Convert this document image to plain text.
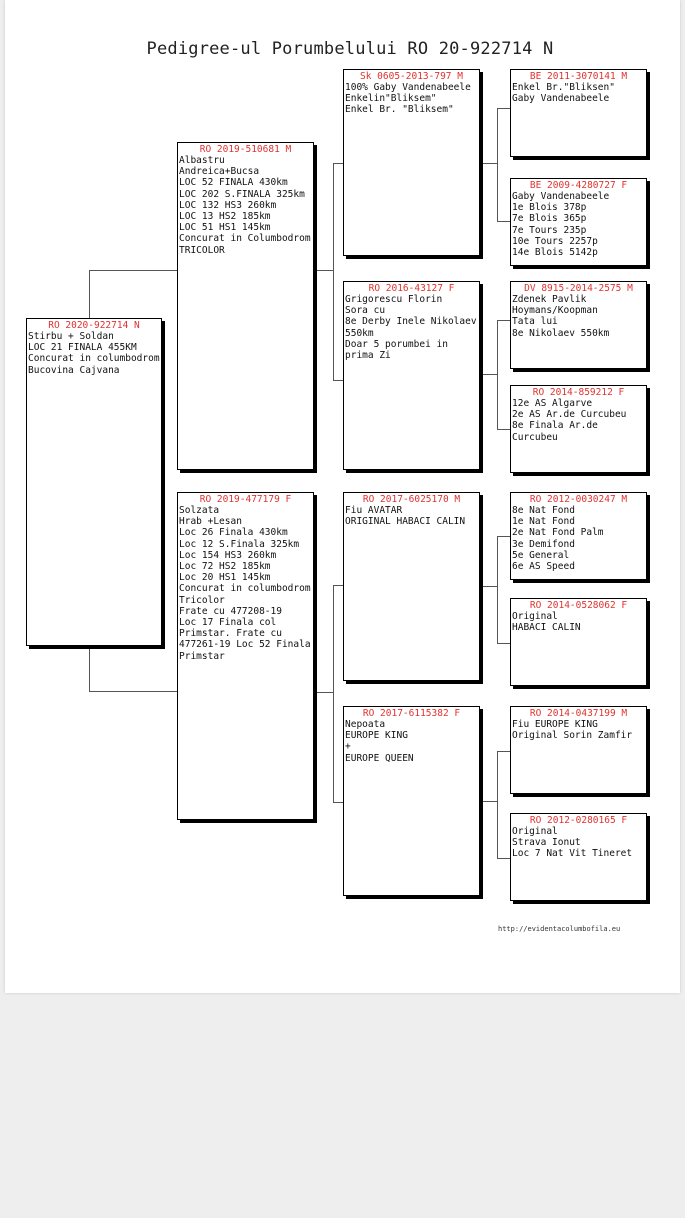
Pedigree-ul Porumbelului RO 20-922714 N
RO 2020-922714 N
Stirbu + Soldan
LOC 21 FINALA 455KM
Concurat in columbodrom
Bucovina Cajvana
RO 2019-510681 M
Albastru
Andreica+Bucsa
LOC 52 FINALA 430km
LOC 202 S.FINALA 325km
LOC 132 HS3 260km
LOC 13 HS2 185km
LOC 51 HS1 145km
Concurat in Columbodrom
TRICOLOR
RO 2019-477179 F
Solzata
Hrab +Lesan
Loc 26 Finala 430km
Loc 12 S.Finala 325km
Loc 154 HS3 260km
Loc 72 HS2 185km
Loc 20 HS1 145km
Concurat in columbodrom
Tricolor
Frate cu 477208-19
Loc 17 Finala col
Primstar. Frate cu
477261-19 Loc 52 Finala
Primstar
Sk 0605-2013-797 M
100% Gaby Vandenabeele
Enkelin"Bliksem"
Enkel Br. "Bliksem"
RO 2016-43127 F
Grigorescu Florin
Sora cu
8e Derby Inele Nikolaev
550km
Doar 5 porumbei in
prima Zi
RO 2017-6025170 M
Fiu AVATAR
ORIGINAL HABACI CALIN
RO 2017-6115382 F
Nepoata
EUROPE KING
+
EUROPE QUEEN
BE 2011-3070141 M
Enkel Br."Bliksen"
Gaby Vandenabeele
BE 2009-4280727 F
Gaby Vandenabeele
1e Blois 378p
7e Blois 365p
7e Tours 235p
10e Tours 2257p
14e Blois 5142p
DV 8915-2014-2575 M
Zdenek Pavlik
Hoymans/Koopman
Tata lui
8e Nikolaev 550km
RO 2014-859212 F
12e AS Algarve
2e AS Ar.de Curcubeu
8e Finala Ar.de
Curcubeu
RO 2012-0030247 M
8e Nat Fond
1e Nat Fond
2e Nat Fond Palm
3e Demifond
5e General
6e AS Speed
RO 2014-0528062 F
Original
HABACI CALIN
RO 2014-0437199 M
Fiu EUROPE KING
Original Sorin Zamfir
RO 2012-0280165 F
Original
Strava Ionut
Loc 7 Nat Vit Tineret
http://evidentacolumbofila.eu
